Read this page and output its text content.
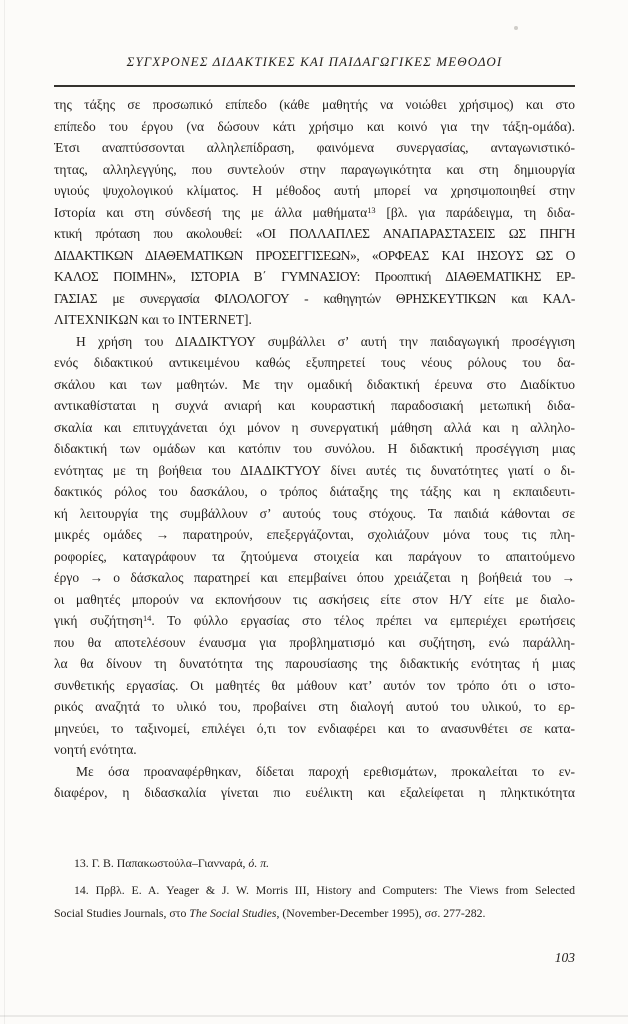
ΣΥΓΧΡΟΝΕΣ ΔΙΔΑΚΤΙΚΕΣ ΚΑΙ ΠΑΙΔΑΓΩΓΙΚΕΣ ΜΕΘΟΔΟΙ
της τάξης σε προσωπικό επίπεδο (κάθε μαθητής να νοιώθει χρήσιμος) και στο
επίπεδο του έργου (να δώσουν κάτι χρήσιμο και κοινό για την τάξη-ομάδα).
Έτσι αναπτύσσονται αλληλεπίδραση, φαινόμενα συνεργασίας, ανταγωνιστικό-
τητας, αλληλεγγύης, που συντελούν στην παραγωγικότητα και στη δημιουργία
υγιούς ψυχολογικού κλίματος. Η μέθοδος αυτή μπορεί να χρησιμοποιηθεί στην
Ιστορία και στη σύνδεσή της με άλλα μαθήματα$^{13}$ [βλ. για παράδειγμα, τη διδα-
κτική πρόταση που ακολουθεί: «ΟΙ ΠΟΛΛΑΠΛΕΣ ΑΝΑΠΑΡΑΣΤΑΣΕΙΣ ΩΣ ΠΗΓΗ
ΔΙΔΑΚΤΙΚΩΝ ΔΙΑΘΕΜΑΤΙΚΩΝ ΠΡΟΣΕΓΓΙΣΕΩΝ», «ΟΡΦΕΑΣ ΚΑΙ ΙΗΣΟΥΣ ΩΣ Ο
ΚΑΛΟΣ ΠΟΙΜΗΝ», ΙΣΤΟΡΙΑ Β΄ ΓΥΜΝΑΣΙΟΥ: Προοπτική ΔΙΑΘΕΜΑΤΙΚΗΣ ΕΡ-
ΓΑΣΙΑΣ με συνεργασία ΦΙΛΟΛΟΓΟΥ - καθηγητών ΘΡΗΣΚΕΥΤΙΚΩΝ και ΚΑΛ-
ΛΙΤΕΧΝΙΚΩΝ και το INTERNET].
Η χρήση του ΔΙΑΔΙΚΤΥΟΥ συμβάλλει σ’ αυτή την παιδαγωγική προσέγγιση
ενός διδακτικού αντικειμένου καθώς εξυπηρετεί τους νέους ρόλους του δα-
σκάλου και των μαθητών. Με την ομαδική διδακτική έρευνα στο Διαδίκτυο
αντικαθίσταται η συχνά ανιαρή και κουραστική παραδοσιακή μετωπική διδα-
σκαλία και επιτυγχάνεται όχι μόνον η συνεργατική μάθηση αλλά και η αλληλο-
διδακτική των ομάδων και κατόπιν του συνόλου. Η διδακτική προσέγγιση μιας
ενότητας με τη βοήθεια του ΔΙΑΔΙΚΤΥΟΥ δίνει αυτές τις δυνατότητες γιατί ο δι-
δακτικός ρόλος του δασκάλου, ο τρόπος διάταξης της τάξης και η εκπαιδευτι-
κή λειτουργία της συμβάλλουν σ’ αυτούς τους στόχους. Τα παιδιά κάθονται σε
μικρές ομάδες → παρατηρούν, επεξεργάζονται, σχολιάζουν μόνα τους τις πλη-
ροφορίες, καταγράφουν τα ζητούμενα στοιχεία και παράγουν το απαιτούμενο
έργο → ο δάσκαλος παρατηρεί και επεμβαίνει όπου χρειάζεται η βοήθειά του →
οι μαθητές μπορούν να εκπονήσουν τις ασκήσεις είτε στον Η/Υ είτε με διαλο-
γική συζήτηση$^{14}$. Το φύλλο εργασίας στο τέλος πρέπει να εμπεριέχει ερωτήσεις
που θα αποτελέσουν έναυσμα για προβληματισμό και συζήτηση, ενώ παράλλη-
λα θα δίνουν τη δυνατότητα της παρουσίασης της διδακτικής ενότητας ή μιας
συνθετικής εργασίας. Οι μαθητές θα μάθουν κατ’ αυτόν τον τρόπο ότι ο ιστο-
ρικός αναζητά το υλικό του, προβαίνει στη διαλογή αυτού του υλικού, το ερ-
μηνεύει, το ταξινομεί, επιλέγει ό,τι τον ενδιαφέρει και το ανασυνθέτει σε κατα-
νοητή ενότητα.
Με όσα προαναφέρθηκαν, δίδεται παροχή ερεθισμάτων, προκαλείται το εν-
διαφέρον, η διδασκαλία γίνεται πιο ευέλικτη και εξαλείφεται η πληκτικότητα
13. Γ. Β. Παπακωστούλα–Γιανναρά, ό. π.
14. Πρβλ. Ε. Α. Yeager & J. W. Morris III, History and Computers: The Views from Selected
Social Studies Journals, στο The Social Studies, (November-December 1995), σσ. 277-282.
103
